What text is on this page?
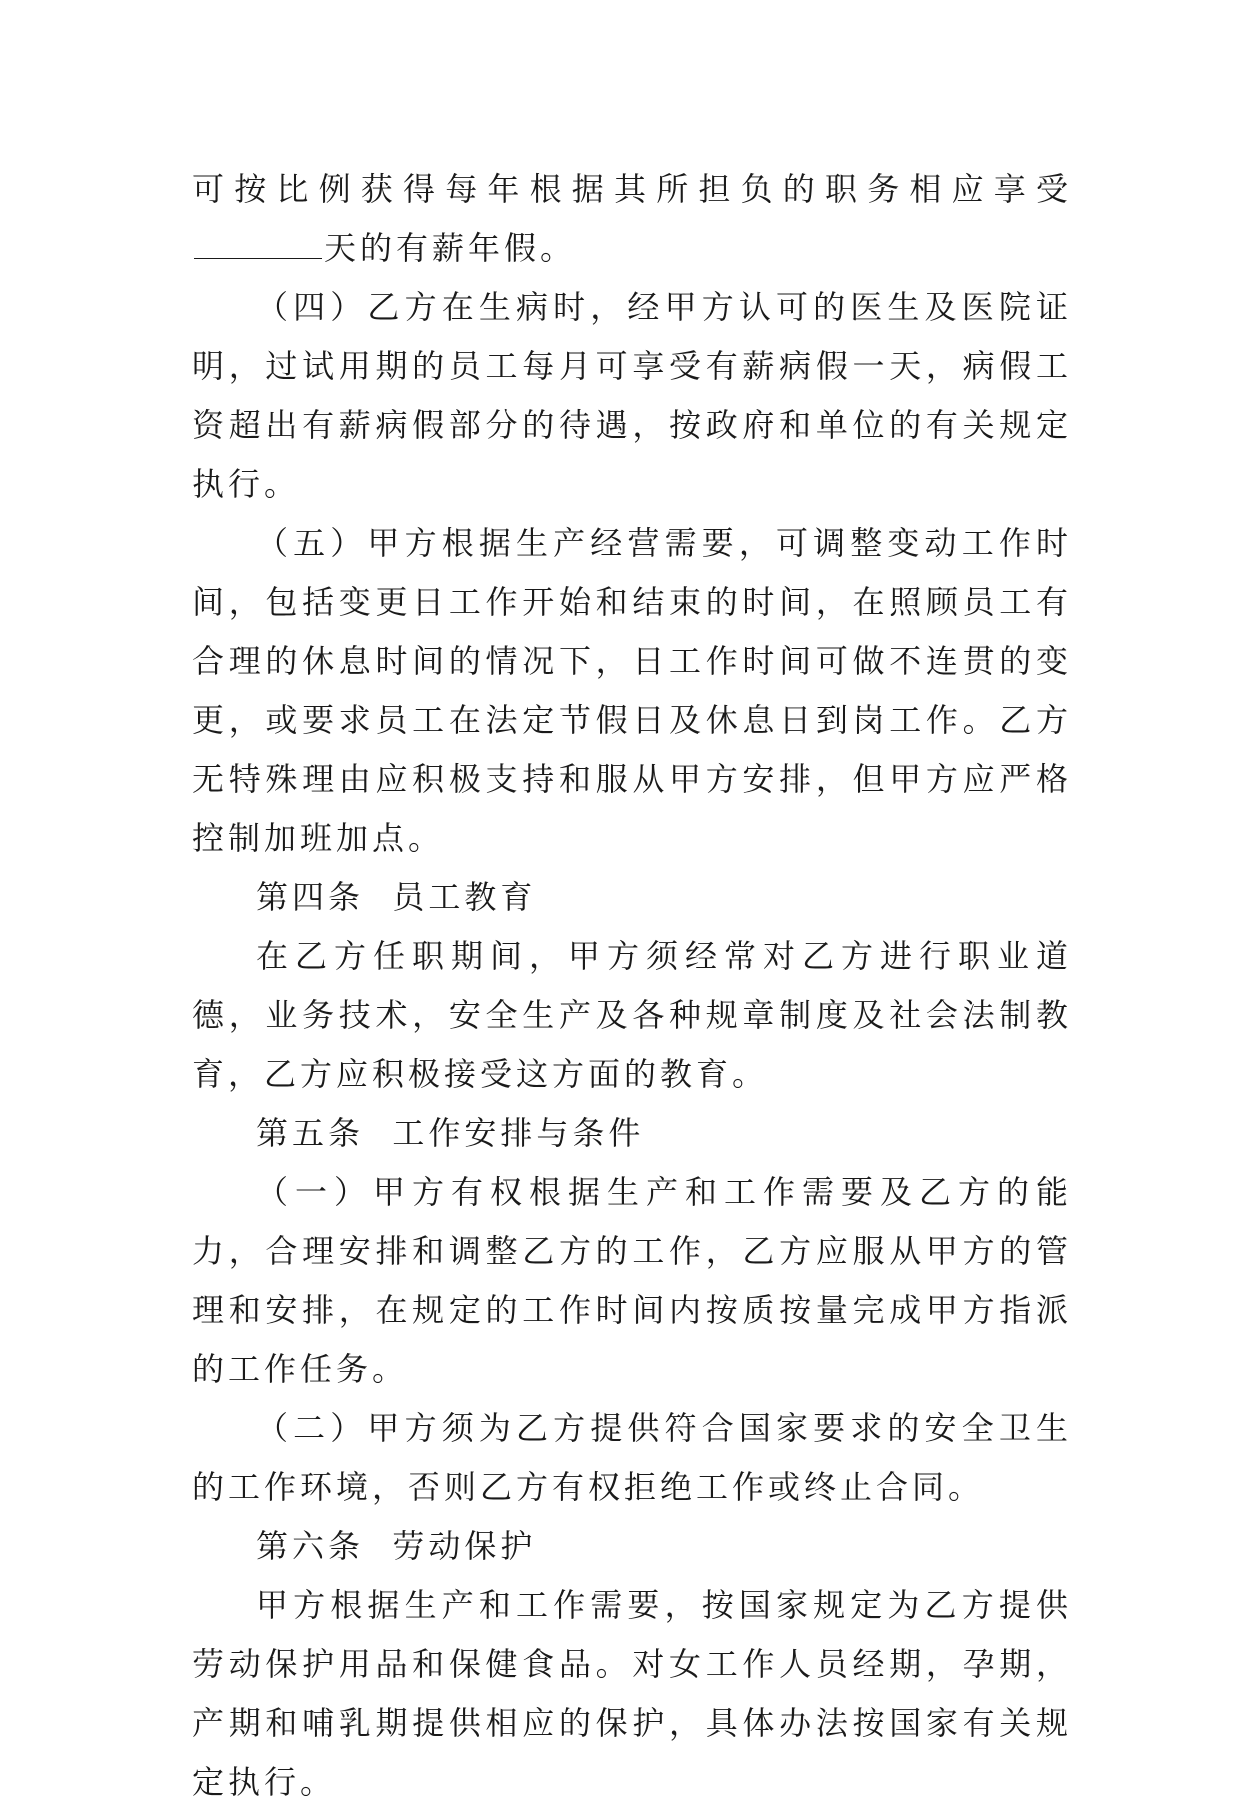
可按比例获得每年根据其所担负的职务相应享受天的有薪年假。

（四）乙方在生病时，经甲方认可的医生及医院证明，过试用期的员工每月可享受有薪病假一天，病假工资超出有薪病假部分的待遇，按政府和单位的有关规定执行。

（五）甲方根据生产经营需要，可调整变动工作时间，包括变更日工作开始和结束的时间，在照顾员工有合理的休息时间的情况下，日工作时间可做不连贯的变更，或要求员工在法定节假日及休息日到岗工作。乙方无特殊理由应积极支持和服从甲方安排，但甲方应严格控制加班加点。

第四条  员工教育

在乙方任职期间，甲方须经常对乙方进行职业道德，业务技术，安全生产及各种规章制度及社会法制教育，乙方应积极接受这方面的教育。

第五条  工作安排与条件

（一）甲方有权根据生产和工作需要及乙方的能力，合理安排和调整乙方的工作，乙方应服从甲方的管理和安排，在规定的工作时间内按质按量完成甲方指派的工作任务。

（二）甲方须为乙方提供符合国家要求的安全卫生的工作环境，否则乙方有权拒绝工作或终止合同。

第六条  劳动保护

甲方根据生产和工作需要，按国家规定为乙方提供劳动保护用品和保健食品。对女工作人员经期，孕期，产期和哺乳期提供相应的保护，具体办法按国家有关规定执行。
